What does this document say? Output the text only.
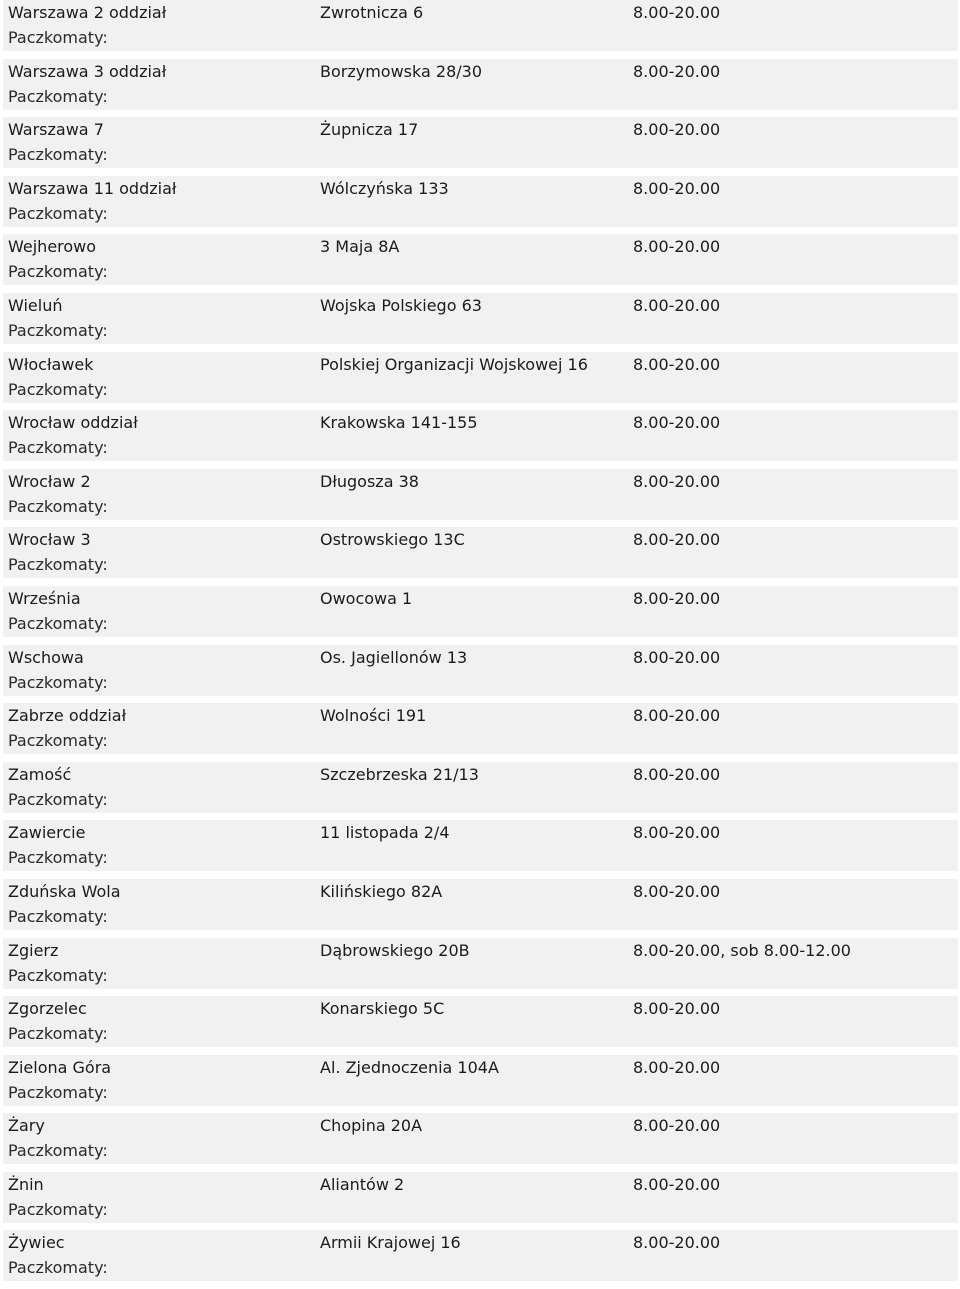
Warszawa 2 oddział
Paczkomaty:
Zwrotnicza 6	8.00-20.00
Warszawa 3 oddział
Paczkomaty:
Borzymowska 28/30	8.00-20.00
Warszawa 7
Paczkomaty:
Żupnicza 17	8.00-20.00
Warszawa 11 oddział
Paczkomaty:
Wólczyńska 133	8.00-20.00
Wejherowo
Paczkomaty:
3 Maja 8A	8.00-20.00
Wieluń
Paczkomaty:
Wojska Polskiego 63	8.00-20.00
Włocławek
Paczkomaty:
Polskiej Organizacji Wojskowej 16	8.00-20.00
Wrocław oddział
Paczkomaty:
Krakowska 141-155	8.00-20.00
Wrocław 2
Paczkomaty:
Długosza 38	8.00-20.00
Wrocław 3
Paczkomaty:
Ostrowskiego 13C	8.00-20.00
Września
Paczkomaty:
Owocowa 1	8.00-20.00
Wschowa
Paczkomaty:
Os. Jagiellonów 13	8.00-20.00
Zabrze oddział
Paczkomaty:
Wolności 191	8.00-20.00
Zamość
Paczkomaty:
Szczebrzeska 21/13	8.00-20.00
Zawiercie
Paczkomaty:
11 listopada 2/4	8.00-20.00
Zduńska Wola
Paczkomaty:
Kilińskiego 82A	8.00-20.00
Zgierz
Paczkomaty:
Dąbrowskiego 20B	8.00-20.00, sob 8.00-12.00
Zgorzelec
Paczkomaty:
Konarskiego 5C	8.00-20.00
Zielona Góra
Paczkomaty:
Al. Zjednoczenia 104A	8.00-20.00
Żary
Paczkomaty:
Chopina 20A	8.00-20.00
Żnin
Paczkomaty:
Aliantów 2	8.00-20.00
Żywiec
Paczkomaty:
Armii Krajowej 16	8.00-20.00
